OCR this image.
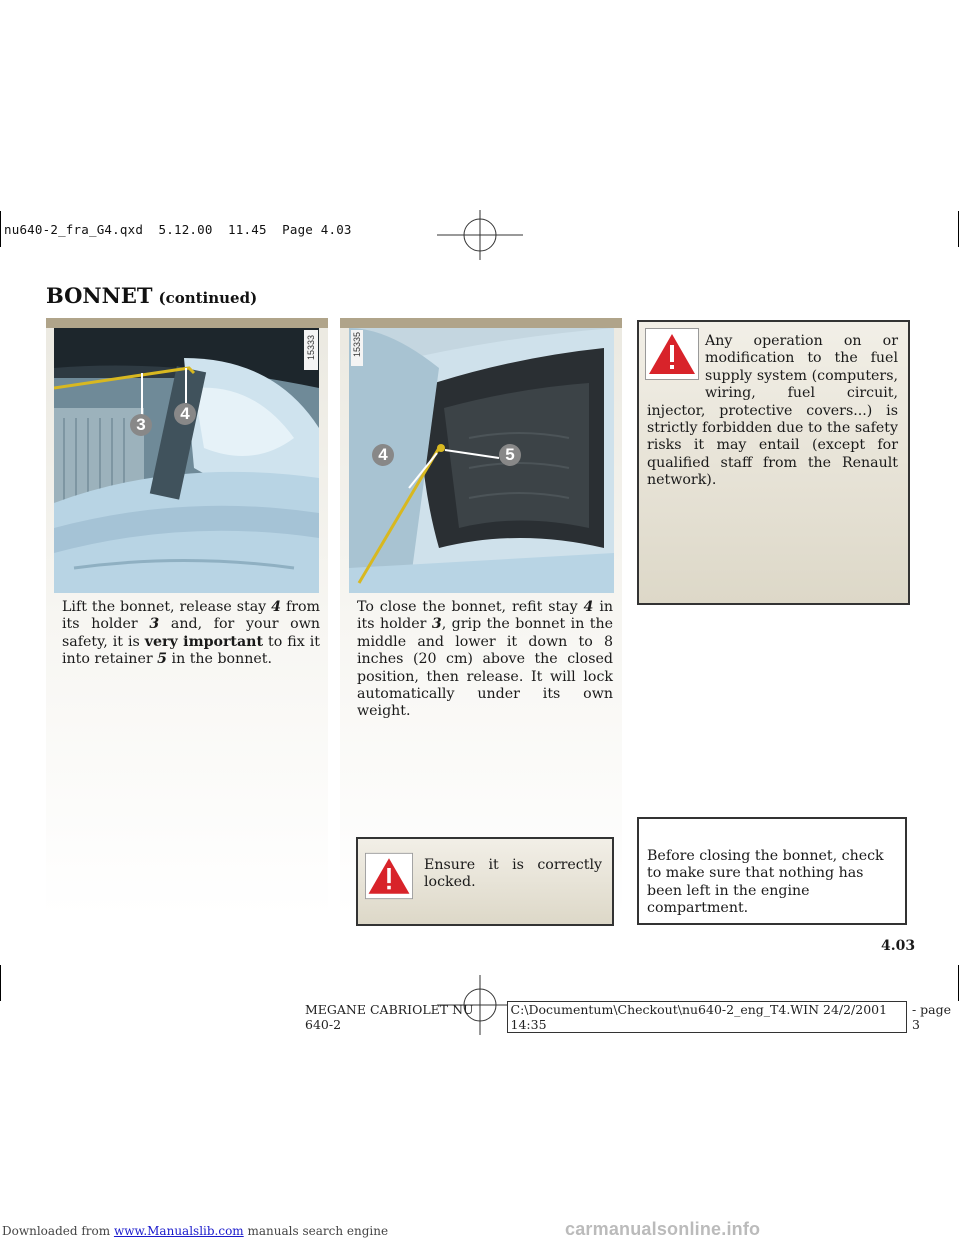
Downloaded from www.Manualslib.com manuals search engine
nu640-2_fra_G4.qxd  5.12.00  11.45  Page 4.03
BONNET (continued)
3
4
15333
4	5
15335
Lift the bonnet, release stay 4 from its holder 3 and, for your own safety, it is very important to fix it into retainer 5 in the bonnet.
To close the bonnet, refit stay 4 in its holder 3, grip the bonnet in the middle and lower it down to 8 inches (20 cm) above the closed position, then release. It will lock automatically under its own weight.
Any operation on or modification to the fuel supply system (computers, wiring, fuel circuit, injector, protective covers...) is strictly forbidden due to the safety risks it may entail (except for qualified staff from the Renault network).
Ensure it is correctly locked.
Before closing the bonnet, check to make sure that nothing has been left in the engine compartment.
4.03
MEGANE CABRIOLET NU 640-2
C:\Documentum\Checkout\nu640-2_eng_T4.WIN 24/2/2001 14:35
- page 3
carmanualsonline.info
